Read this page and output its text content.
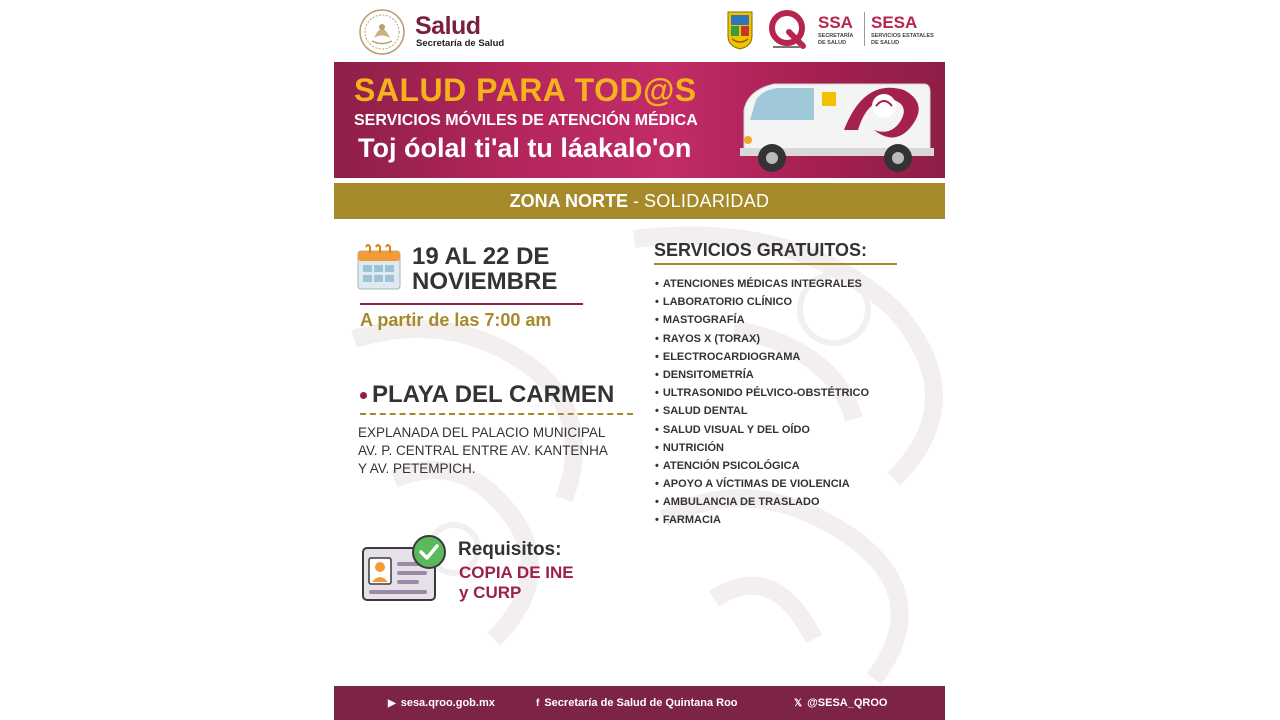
Salud
Secretaría de Salud
SSA
SECRETARÍA DE SALUD
SESA
SERVICIOS ESTATALES DE SALUD
SALUD PARA TOD@S
SERVICIOS MÓVILES DE ATENCIÓN MÉDICA
Toj óolal ti'al tu láakalo'on
ZONA NORTE - SOLIDARIDAD
19 AL 22 DE
NOVIEMBRE
A partir de las 7:00 am
PLAYA DEL CARMEN
EXPLANADA DEL PALACIO MUNICIPAL
AV. P. CENTRAL ENTRE AV. KANTENHA
Y AV. PETEMPICH.
Requisitos:
COPIA DE INE
y CURP
SERVICIOS GRATUITOS:
• ATENCIONES MÉDICAS INTEGRALES
• LABORATORIO CLÍNICO
• MASTOGRAFÍA
• RAYOS X (TORAX)
• ELECTROCARDIOGRAMA
• DENSITOMETRÍA
• ULTRASONIDO PÉLVICO-OBSTÉTRICO
• SALUD DENTAL
• SALUD VISUAL Y DEL OÍDO
• NUTRICIÓN
• ATENCIÓN PSICOLÓGICA
• APOYO A VÍCTIMAS DE VIOLENCIA
• AMBULANCIA DE TRASLADO
• FARMACIA
▶ sesa.qroo.gob.mx	f Secretaría de Salud de Quintana Roo	𝕏 @SESA_QROO
